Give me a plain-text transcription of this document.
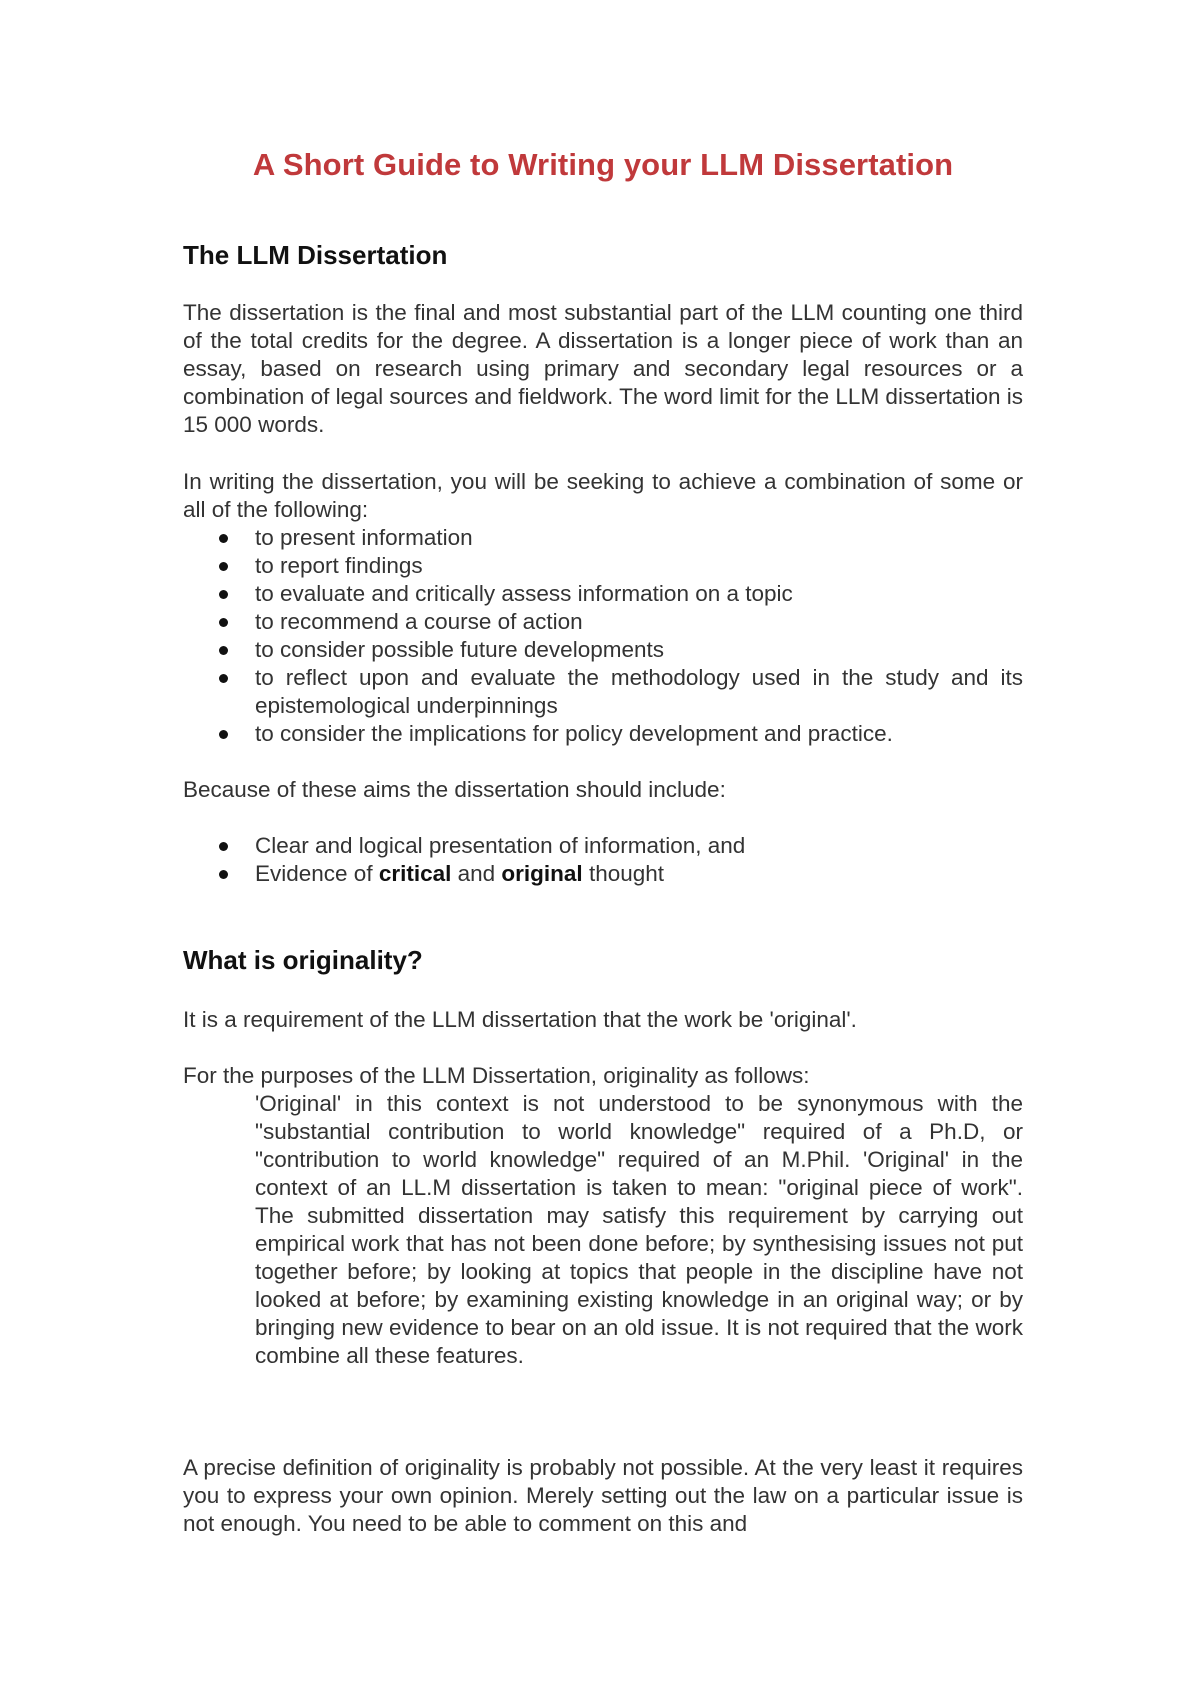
A Short Guide to Writing your LLM Dissertation
The LLM Dissertation
The dissertation is the final and most substantial part of the LLM counting one third of the total credits for the degree. A dissertation is a longer piece of work than an essay, based on research using primary and secondary legal resources or a combination of legal sources and fieldwork. The word limit for the LLM dissertation is 15 000 words.
In writing the dissertation, you will be seeking to achieve a combination of some or all of the following:
to present information
to report findings
to evaluate and critically assess information on a topic
to recommend a course of action
to consider possible future developments
to reflect upon and evaluate the methodology used in the study and its epistemological underpinnings
to consider the implications for policy development and practice.
Because of these aims the dissertation should include:
Clear and logical presentation of information, and
Evidence of critical and original thought
What is originality?
It is a requirement of the LLM dissertation that the work be 'original'.
For the purposes of the LLM Dissertation, originality as follows:
'Original' in this context is not understood to be synonymous with the "substantial contribution to world knowledge" required of a Ph.D, or "contribution to world knowledge" required of an M.Phil. 'Original' in the context of an LL.M dissertation is taken to mean: "original piece of work". The submitted dissertation may satisfy this requirement by carrying out empirical work that has not been done before; by synthesising issues not put together before; by looking at topics that people in the discipline have not looked at before; by examining existing knowledge in an original way; or by bringing new evidence to bear on an old issue. It is not required that the work combine all these features.
A precise definition of originality is probably not possible. At the very least it requires you to express your own opinion. Merely setting out the law on a particular issue is not enough. You need to be able to comment on this and
